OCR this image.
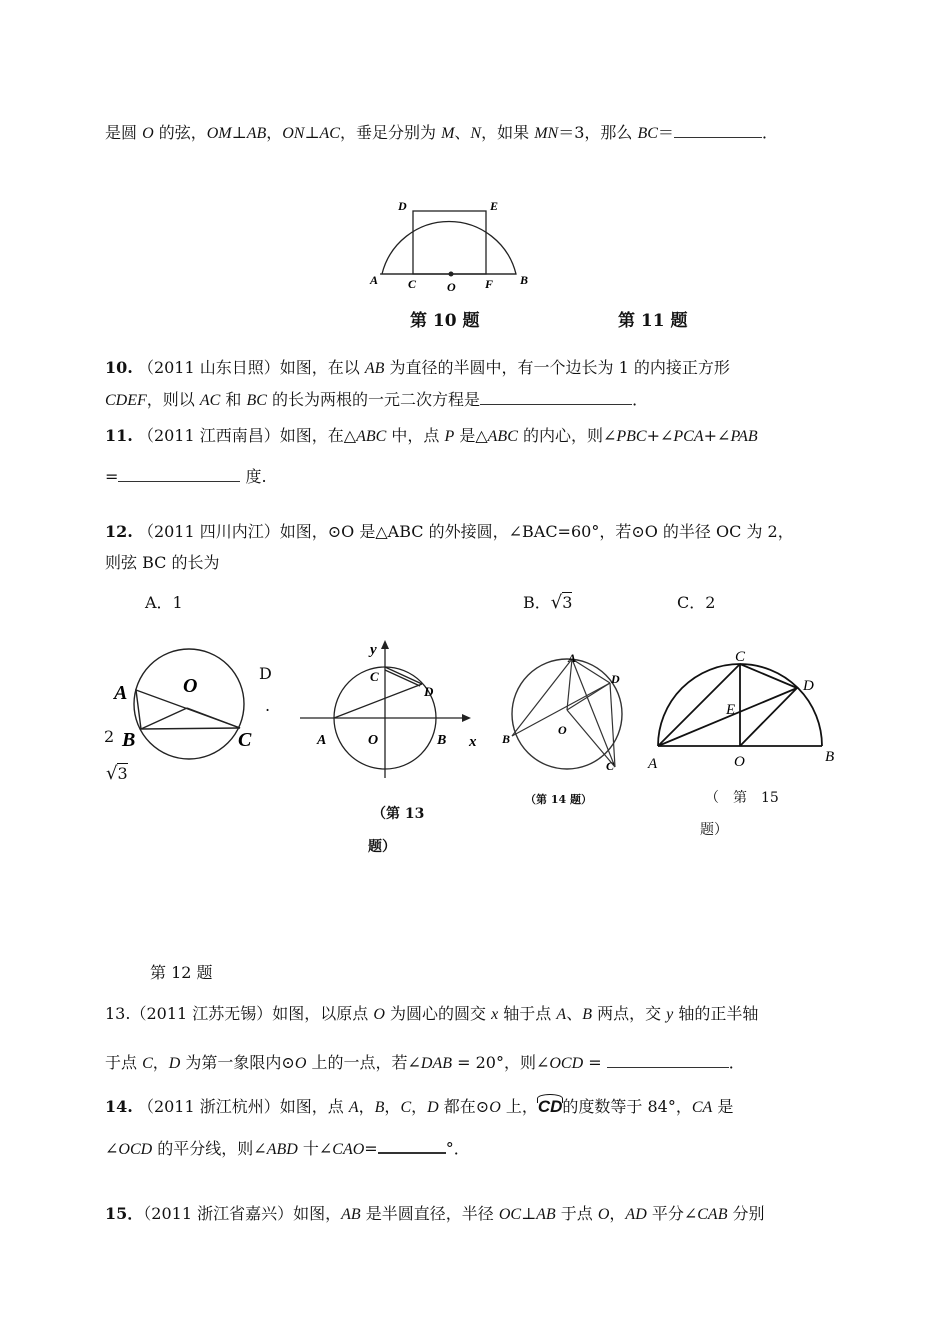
是圆 O 的弦，OM⊥AB，ON⊥AC，垂足分别为 M、N，如果 MN＝3，那么 BC＝	．
D	E
A C	O F B
第 10 题	第 11 题
10. （2011 山东日照）如图，在以 AB 为直径的半圆中，有一个边长为 1 的内接正方形
CDEF，则以 AC 和 BC 的长为两根的一元二次方程是	．
11. （2011 江西南昌）如图，在△ABC 中，点 P 是△ABC 的内心，则∠PBC+∠PCA+∠PAB
=	度.
12. （2011 四川内江）如图，⊙O 是△ABC 的外接圆，∠BAC=60°，若⊙O 的半径 OC 为 2，
则弦 BC 的长为
A．1	B．√3	C．2
A	O
B	C
D
.
2
√3
y
C
D
A	O	B x
（第 13
题）
A
D
O
B
C
（第 14 题）
C
D
E
A	O	B
（　第　15
题）
第 12 题
13.（2011 江苏无锡）如图，以原点 O 为圆心的圆交 x 轴于点 A、B 两点，交 y 轴的正半轴
于点 C，D 为第一象限内⊙O 上的一点，若∠DAB = 20°，则∠OCD =	．
14. （2011 浙江杭州）如图，点 A，B，C，D 都在⊙O 上，
CD的度数等于 84°，CA 是
∠OCD 的平分线，则∠ABD 十∠CAO=	°．
15．（2011 浙江省嘉兴）如图，AB 是半圆直径，半径 OC⊥AB 于点 O，AD 平分∠CAB 分别
